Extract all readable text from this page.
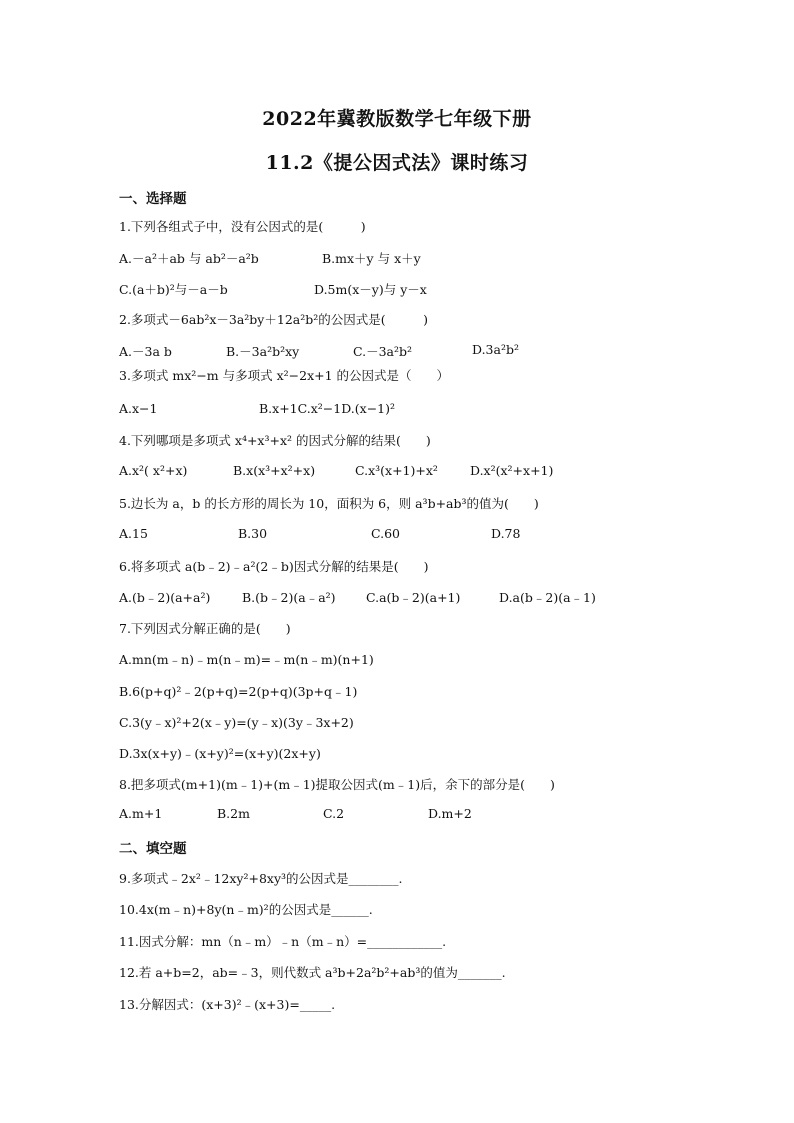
2022年冀教版数学七年级下册
11.2《提公因式法》课时练习
一、选择题
1.下列各组式子中，没有公因式的是(　　　)
A.－a²＋ab 与 ab²－a²b	B.mx＋y 与 x＋y
C.(a＋b)²与－a－b	D.5m(x－y)与 y－x
2.多项式－6ab²x－3a²by＋12a²b²的公因式是(　　　)
A.－3a b	B.－3a²b²xy	C.－3a²b²	D.3a²b²
3.多项式 mx²−m 与多项式 x²−2x+1 的公因式是（　　）
A.x−1	B.x+1C.x²−1D.(x−1)²
4.下列哪项是多项式 x⁴+x³+x² 的因式分解的结果(　　)
A.x²( x²+x)	B.x(x³+x²+x)	C.x³(x+1)+x²	D.x²(x²+x+1)
5.边长为 a，b 的长方形的周长为 10，面积为 6，则 a³b+ab³的值为(　　)
A.15	B.30	C.60	D.78
6.将多项式 a(b﹣2)﹣a²(2﹣b)因式分解的结果是(　　)
A.(b﹣2)(a+a²)	B.(b﹣2)(a﹣a²) C.a(b﹣2)(a+1)	D.a(b﹣2)(a﹣1)
7.下列因式分解正确的是(　　)
A.mn(m﹣n)﹣m(n﹣m)=﹣m(n﹣m)(n+1)
B.6(p+q)²﹣2(p+q)=2(p+q)(3p+q﹣1)
C.3(y﹣x)²+2(x﹣y)=(y﹣x)(3y﹣3x+2)
D.3x(x+y)﹣(x+y)²=(x+y)(2x+y)
8.把多项式(m+1)(m﹣1)+(m﹣1)提取公因式(m﹣1)后，余下的部分是(　　)
A.m+1	B.2m	C.2	D.m+2
二、填空题
9.多项式﹣2x²﹣12xy²+8xy³的公因式是________.
10.4x(m﹣n)+8y(n﹣m)²的公因式是______.
11.因式分解：mn（n﹣m）﹣n（m﹣n）=____________.
12.若 a+b=2，ab=﹣3，则代数式 a³b+2a²b²+ab³的值为_______.
13.分解因式：(x+3)²﹣(x+3)=_____.
